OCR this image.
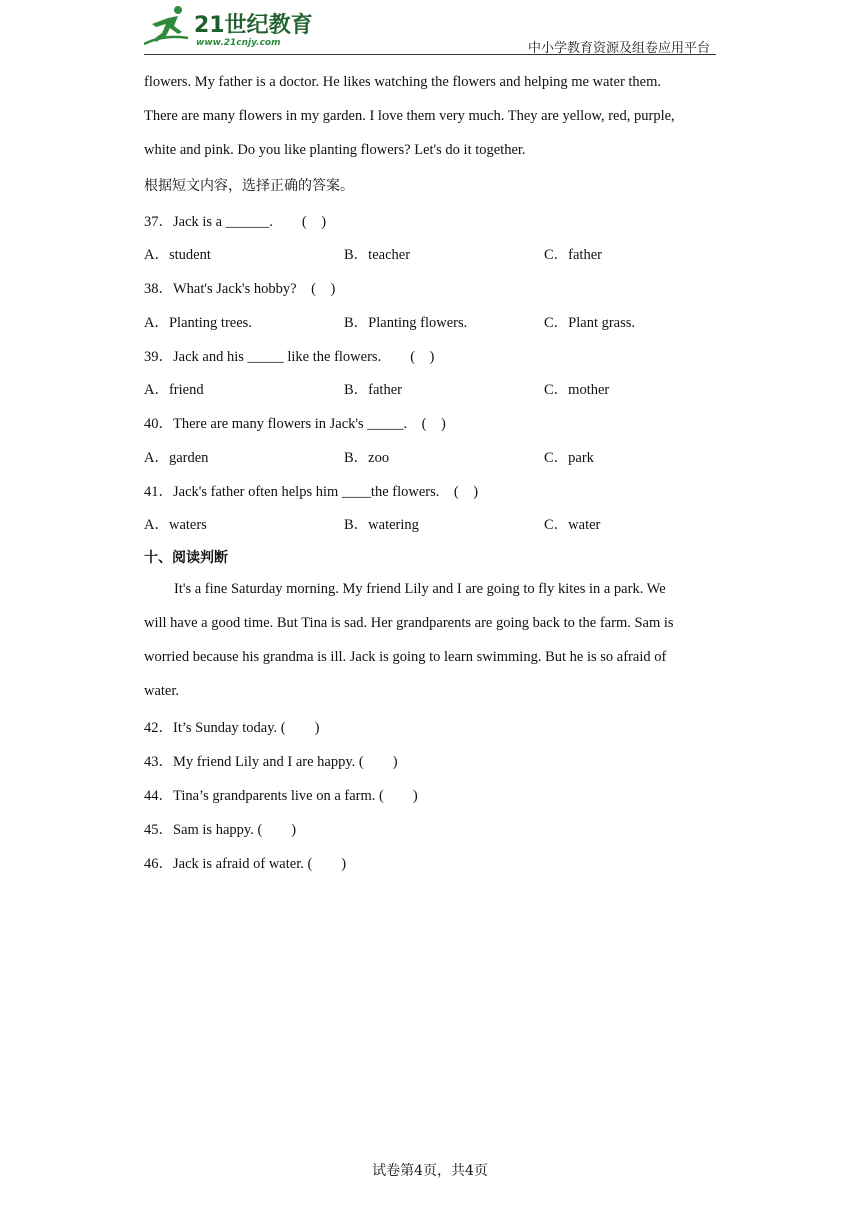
21世纪教育
www.21cnjy.com	中小学教育资源及组卷应用平台
flowers. My father is a doctor. He likes watching the flowers and helping me water them.
There are many flowers in my garden. I love them very much. They are yellow, red, purple,
white and pink. Do you like planting flowers? Let's do it together.
根据短文内容，选择正确的答案。
37．Jack is a ______.　　(　)
A．student	B．teacher	C．father
38．What's Jack's hobby?　(　)
A．Planting trees.	B．Planting flowers.	C．Plant grass.
39．Jack and his _____ like the flowers.　　(　)
A．friend	B．father	C．mother
40．There are many flowers in Jack's _____.　(　)
A．garden	B．zoo	C．park
41．Jack's father often helps him ____the flowers.　(　)
A．waters	B．watering	C．water
十、阅读判断
It's a fine Saturday morning. My friend Lily and I are going to fly kites in a park. We
will have a good time. But Tina is sad. Her grandparents are going back to the farm. Sam is
worried because his grandma is ill. Jack is going to learn swimming. But he is so afraid of
water.
42．It’s Sunday today. (　　)
43．My friend Lily and I are happy. (　　)
44．Tina’s grandparents live on a farm. (　　)
45．Sam is happy. (　　)
46．Jack is afraid of water. (　　)
试卷第4页，共4页
